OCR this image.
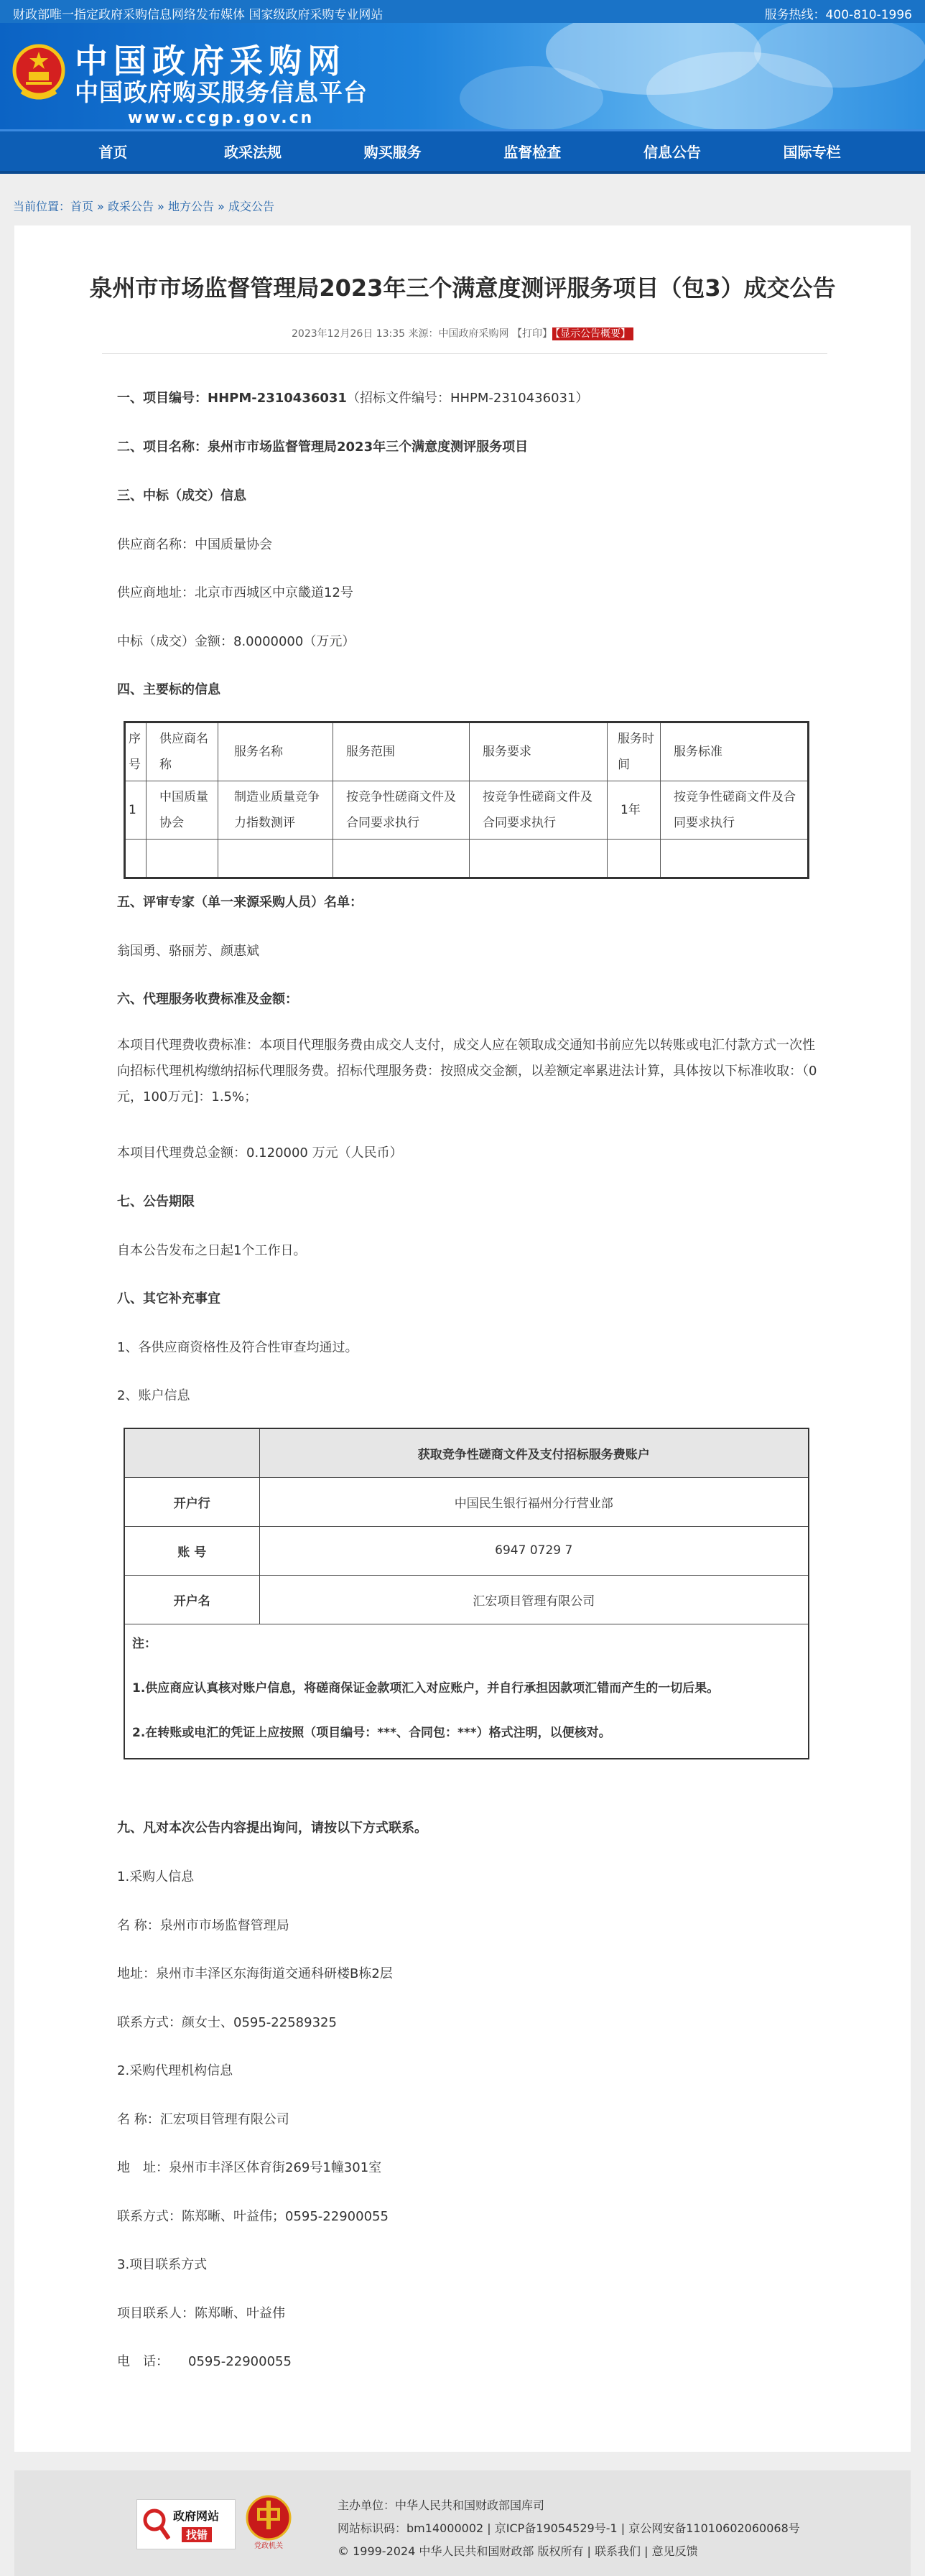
财政部唯一指定政府采购信息网络发布媒体 国家级政府采购专业网站	服务热线：400-810-1996
中国政府采购网
中国政府购买服务信息平台
www.ccgp.gov.cn
首页	政采法规	购买服务	监督检查	信息公告	国际专栏
当前位置：首页 » 政采公告 » 地方公告 » 成交公告
泉州市市场监督管理局2023年三个满意度测评服务项目（包3）成交公告
2023年12月26日 13:35 来源：中国政府采购网 【打印】 【显示公告概要】
一、项目编号：HHPM-2310436031（招标文件编号：HHPM-2310436031）
二、项目名称：泉州市市场监督管理局2023年三个满意度测评服务项目
三、中标（成交）信息
供应商名称：中国质量协会
供应商地址：北京市西城区中京畿道12号
中标（成交）金额：8.0000000（万元）
四、主要标的信息
序号	供应商名称	服务名称	服务范围	服务要求	服务时间	服务标准
1	中国质量协会	制造业质量竞争力指数测评	按竞争性磋商文件及合同要求执行	按竞争性磋商文件及合同要求执行	1年	按竞争性磋商文件及合同要求执行

五、评审专家（单一来源采购人员）名单：
翁国勇、骆丽芳、颜惠斌
六、代理服务收费标准及金额：
本项目代理费收费标准：本项目代理服务费由成交人支付，成交人应在领取成交通知书前应先以转账或电汇付款方式一次性向招标代理机构缴纳招标代理服务费。招标代理服务费：按照成交金额，以差额定率累进法计算，具体按以下标准收取：（0元，100万元]：1.5%；
本项目代理费总金额：0.120000 万元（人民币）
七、公告期限
自本公告发布之日起1个工作日。
八、其它补充事宜
1、各供应商资格性及符合性审查均通过。
2、账户信息
	获取竞争性磋商文件及支付招标服务费账户
开户行	中国民生银行福州分行营业部
账 号	6947 0729 7
开户名	汇宏项目管理有限公司

注：
1.供应商应认真核对账户信息，将磋商保证金款项汇入对应账户，并自行承担因款项汇错而产生的一切后果。
2.在转账或电汇的凭证上应按照（项目编号：***、合同包：***）格式注明，以便核对。	
九、凡对本次公告内容提出询问，请按以下方式联系。
1.采购人信息
名 称：泉州市市场监督管理局
地址：泉州市丰泽区东海街道交通科研楼B栋2层
联系方式：颜女士、0595-22589325
2.采购代理机构信息
名 称：汇宏项目管理有限公司
地　址：泉州市丰泽区体育街269号1幢301室
联系方式：陈郑晰、叶益伟；0595-22900055
3.项目联系方式
项目联系人：陈郑晰、叶益伟
电　话：　　0595-22900055
政府网站
找错
党政机关
主办单位：中华人民共和国财政部国库司
网站标识码：bm14000002 | 京ICP备19054529号-1 | 京公网安备11010602060068号
© 1999-2024 中华人民共和国财政部 版权所有 | 联系我们 | 意见反馈
